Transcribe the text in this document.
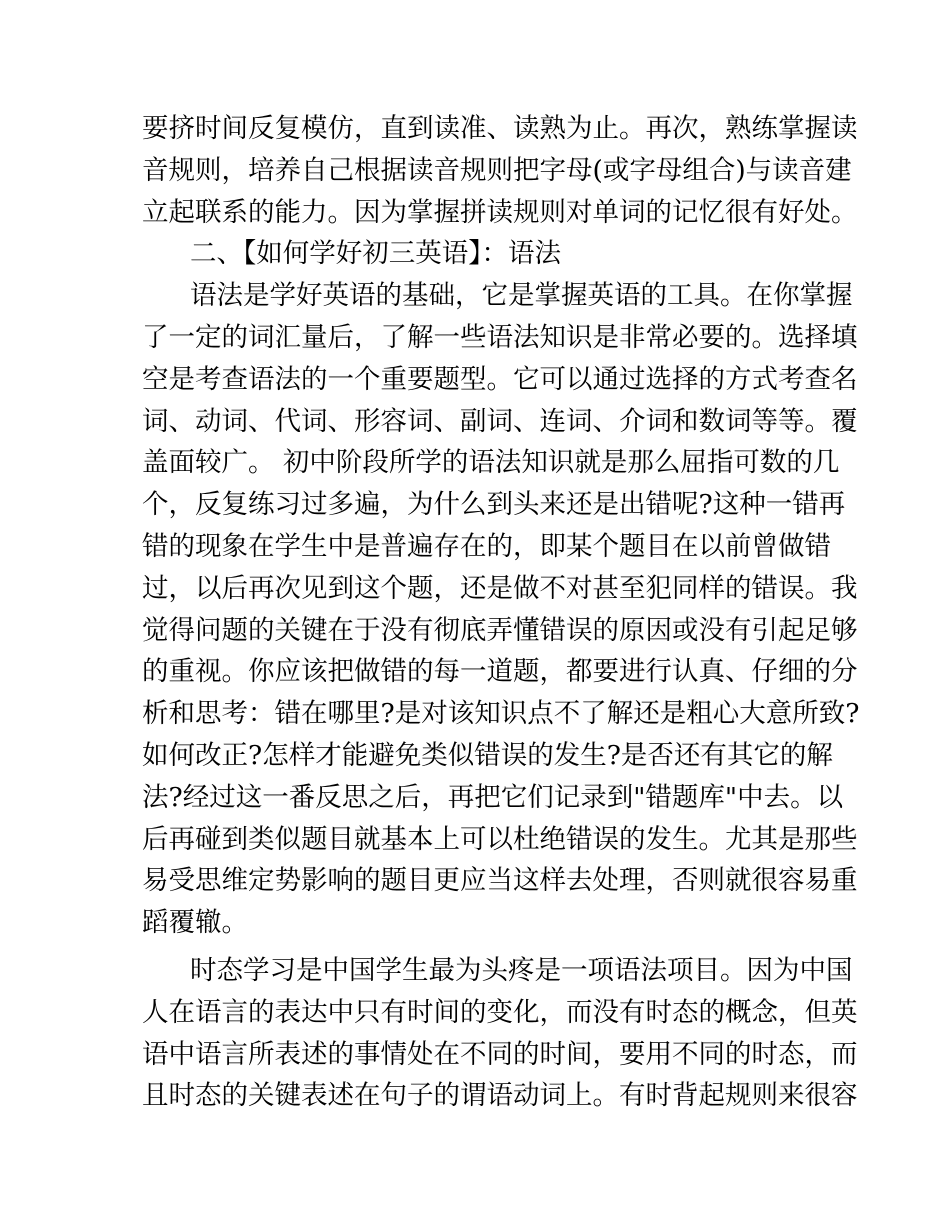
要挤时间反复模仿，直到读准、读熟为止。再次，熟练掌握读
音规则，培养自己根据读音规则把字母(或字母组合)与读音建
立起联系的能力。因为掌握拼读规则对单词的记忆很有好处。
二、【如何学好初三英语】：语法
语法是学好英语的基础，它是掌握英语的工具。在你掌握
了一定的词汇量后，了解一些语法知识是非常必要的。选择填
空是考查语法的一个重要题型。它可以通过选择的方式考查名
词、动词、代词、形容词、副词、连词、介词和数词等等。覆
盖面较广。 初中阶段所学的语法知识就是那么屈指可数的几
个，反复练习过多遍，为什么到头来还是出错呢?这种一错再
错的现象在学生中是普遍存在的，即某个题目在以前曾做错
过，以后再次见到这个题，还是做不对甚至犯同样的错误。我
觉得问题的关键在于没有彻底弄懂错误的原因或没有引起足够
的重视。你应该把做错的每一道题，都要进行认真、仔细的分
析和思考：错在哪里?是对该知识点不了解还是粗心大意所致?
如何改正?怎样才能避免类似错误的发生?是否还有其它的解
法?经过这一番反思之后，再把它们记录到"错题库"中去。以
后再碰到类似题目就基本上可以杜绝错误的发生。尤其是那些
易受思维定势影响的题目更应当这样去处理，否则就很容易重
蹈覆辙。
时态学习是中国学生最为头疼是一项语法项目。因为中国
人在语言的表达中只有时间的变化，而没有时态的概念，但英
语中语言所表述的事情处在不同的时间，要用不同的时态，而
且时态的关键表述在句子的谓语动词上。有时背起规则来很容
